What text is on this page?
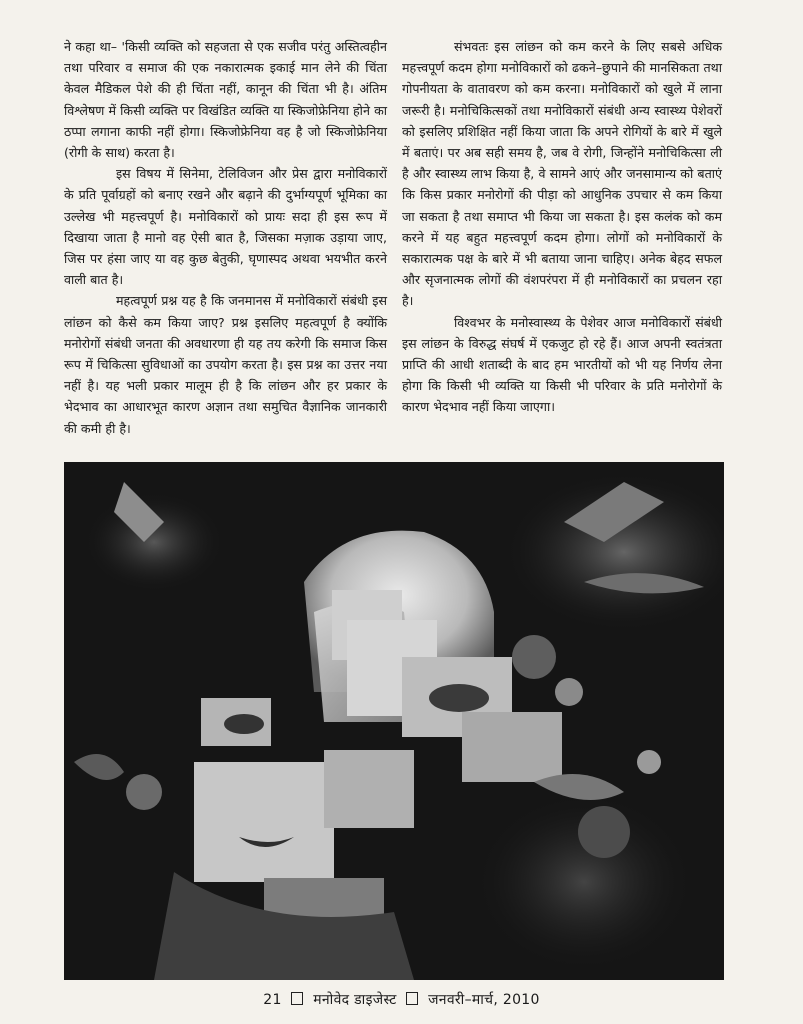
ने कहा था– 'किसी व्यक्ति को सहजता से एक सजीव परंतु अस्तित्वहीन तथा परिवार व समाज की एक नकारात्मक इकाई मान लेने की चिंता केवल मैडिकल पेशे की ही चिंता नहीं, कानून की चिंता भी है। अंतिम विश्लेषण में किसी व्यक्ति पर विखंडित व्यक्ति या स्किजोफ्रेनिया होने का ठप्पा लगाना काफी नहीं होगा। स्किजोफ्रेनिया वह है जो स्किजोफ्रेनिया (रोगी के साथ) करता है।

इस विषय में सिनेमा, टेलिविजन और प्रेस द्वारा मनोविकारों के प्रति पूर्वाग्रहों को बनाए रखने और बढ़ाने की दुर्भाग्यपूर्ण भूमिका का उल्लेख भी महत्त्वपूर्ण है। मनोविकारों को प्रायः सदा ही इस रूप में दिखाया जाता है मानो वह ऐसी बात है, जिसका मज़ाक उड़ाया जाए, जिस पर हंसा जाए या वह कुछ बेतुकी, घृणास्पद अथवा भयभीत करने वाली बात है।

महत्वपूर्ण प्रश्न यह है कि जनमानस में मनोविकारों संबंधी इस लांछन को कैसे कम किया जाए? प्रश्न इसलिए महत्वपूर्ण है क्योंकि मनोरोगों संबंधी जनता की अवधारणा ही यह तय करेगी कि समाज किस रूप में चिकित्सा सुविधाओं का उपयोग करता है। इस प्रश्न का उत्तर नया नहीं है। यह भली प्रकार मालूम ही है कि लांछन और हर प्रकार के भेदभाव का आधारभूत कारण अज्ञान तथा समुचित वैज्ञानिक जानकारी की कमी ही है।

संभवतः इस लांछन को कम करने के लिए सबसे अधिक महत्त्वपूर्ण कदम होगा मनोविकारों को ढकने–छुपाने की मानसिकता तथा गोपनीयता के वातावरण को कम करना। मनोविकारों को खुले में लाना जरूरी है। मनोचिकित्सकों तथा मनोविकारों संबंधी अन्य स्वास्थ्य पेशेवरों को इसलिए प्रशिक्षित नहीं किया जाता कि अपने रोगियों के बारे में खुले में बताएं। पर अब सही समय है, जब वे रोगी, जिन्होंने मनोचिकित्सा ली है और स्वास्थ्य लाभ किया है, वे सामने आएं और जनसामान्य को बताएं कि किस प्रकार मनोरोगों की पीड़ा को आधुनिक उपचार से कम किया जा सकता है तथा समाप्त भी किया जा सकता है। इस कलंक को कम करने में यह बहुत महत्त्वपूर्ण कदम होगा। लोगों को मनोविकारों के सकारात्मक पक्ष के बारे में भी बताया जाना चाहिए। अनेक बेहद सफल और सृजनात्मक लोगों की वंशपरंपरा में ही मनोविकारों का प्रचलन रहा है।

विश्वभर के मनोस्वास्थ्य के पेशेवर आज मनोविकारों संबंधी इस लांछन के विरुद्ध संघर्ष में एकजुट हो रहे हैं। आज अपनी स्वतंत्रता प्राप्ति की आधी शताब्दी के बाद हम भारतीयों को भी यह निर्णय लेना होगा कि किसी भी व्यक्ति या किसी भी परिवार के प्रति मनोरोगों के कारण भेदभाव नहीं किया जाएगा।

21 मनोवेद डाइजेस्ट जनवरी–मार्च, 2010
